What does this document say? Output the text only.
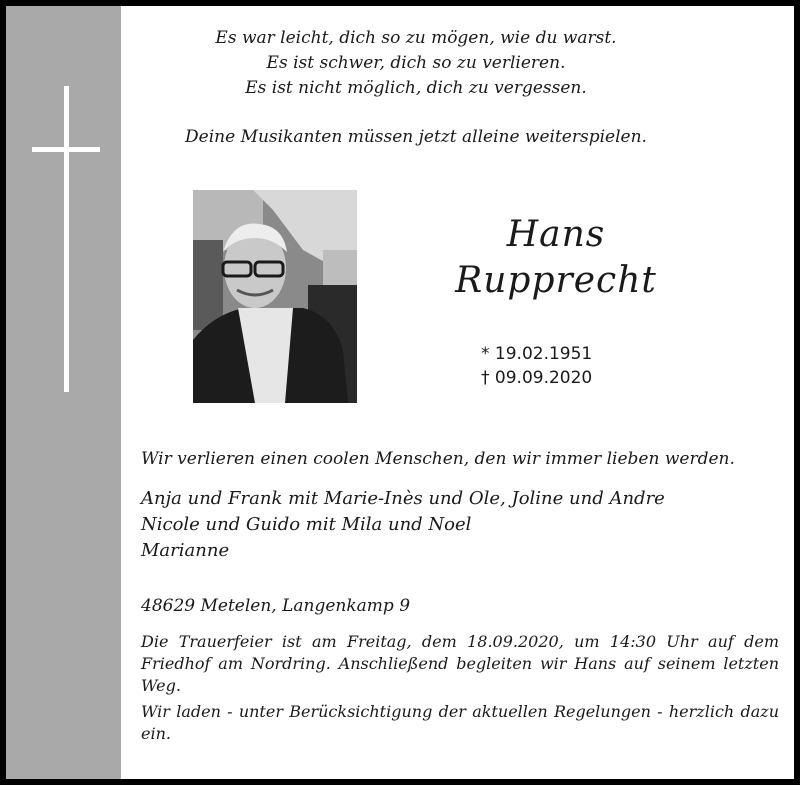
Es war leicht, dich so zu mögen, wie du warst.
Es ist schwer, dich so zu verlieren.
Es ist nicht möglich, dich zu vergessen.
Deine Musikanten müssen jetzt alleine weiterspielen.
Hans
Rupprecht
* 19.02.1951
† 09.09.2020
Wir verlieren einen coolen Menschen, den wir immer lieben werden.
Anja und Frank mit Marie-Inès und Ole, Joline und Andre
Nicole und Guido mit Mila und Noel
Marianne
48629 Metelen, Langenkamp 9

Die Trauerfeier ist am Freitag, dem 18.09.2020, um 14:30 Uhr auf dem Friedhof am Nordring. Anschließend begleiten wir Hans auf seinem letzten Weg.

Wir laden - unter Berücksichtigung der aktuellen Regelungen - herzlich dazu ein.
